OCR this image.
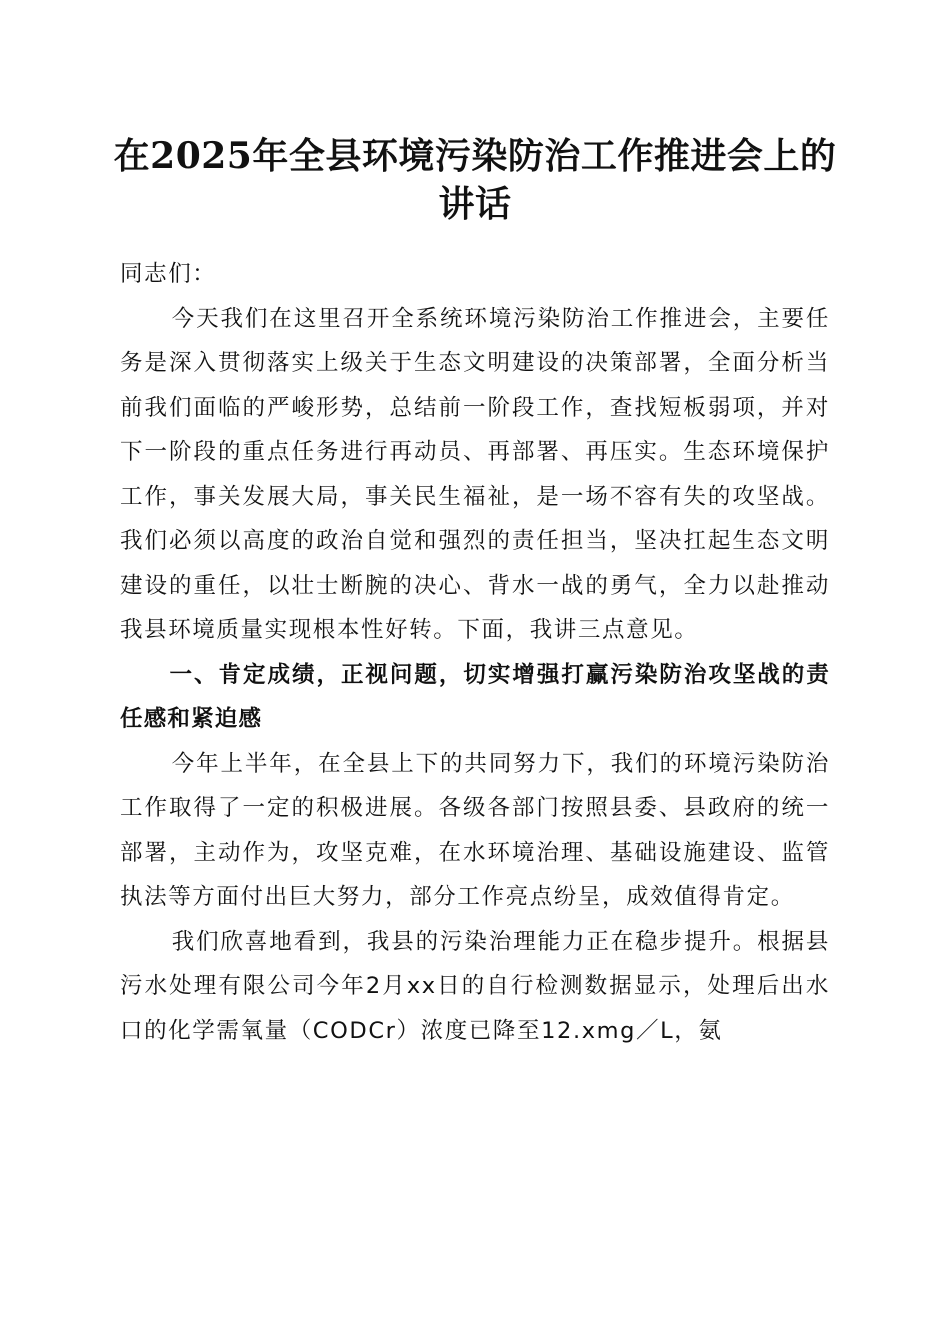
在2025年全县环境污染防治工作推进会上的
讲话

同志们：

今天我们在这里召开全系统环境污染防治工作推进会，主要任务是深入贯彻落实上级关于生态文明建设的决策部署，全面分析当前我们面临的严峻形势，总结前一阶段工作，查找短板弱项，并对下一阶段的重点任务进行再动员、再部署、再压实。生态环境保护工作，事关发展大局，事关民生福祉，是一场不容有失的攻坚战。我们必须以高度的政治自觉和强烈的责任担当，坚决扛起生态文明建设的重任，以壮士断腕的决心、背水一战的勇气，全力以赴推动我县环境质量实现根本性好转。下面，我讲三点意见。

一、肯定成绩，正视问题，切实增强打赢污染防治攻坚战的责任感和紧迫感

今年上半年，在全县上下的共同努力下，我们的环境污染防治工作取得了一定的积极进展。各级各部门按照县委、县政府的统一部署，主动作为，攻坚克难，在水环境治理、基础设施建设、监管执法等方面付出巨大努力，部分工作亮点纷呈，成效值得肯定。

我们欣喜地看到，我县的污染治理能力正在稳步提升。根据县污水处理有限公司今年2月xx日的自行检测数据显示，处理后出水口的化学需氧量（CODCr）浓度已降至12.xmg／L，氨
